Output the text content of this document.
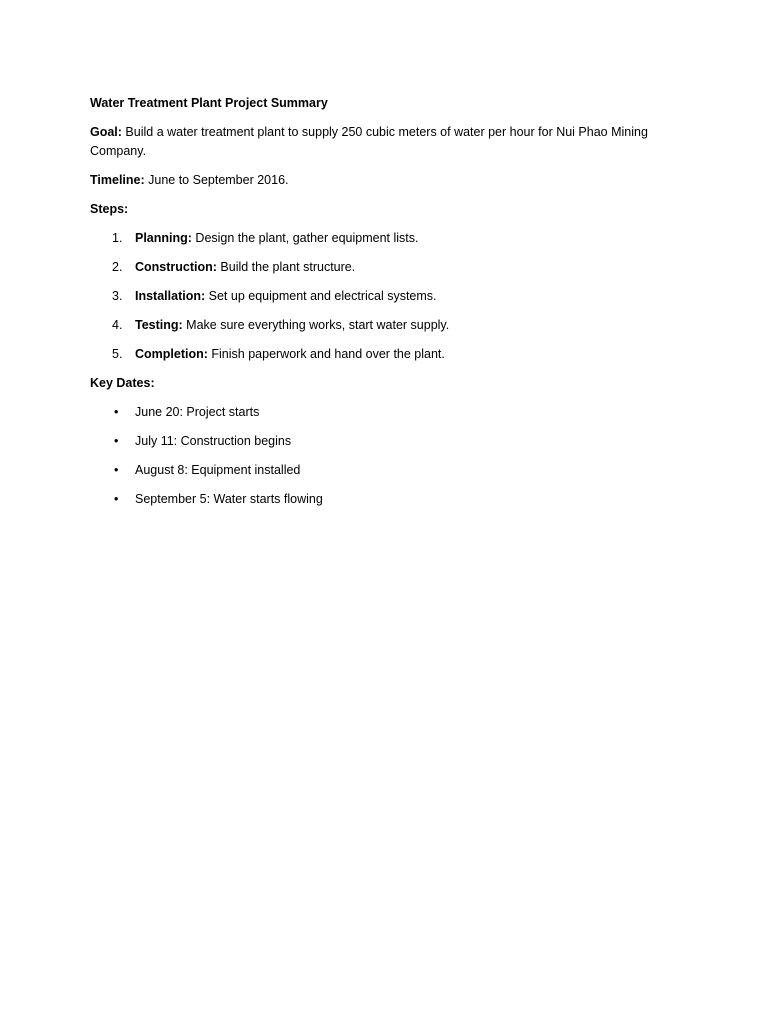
Water Treatment Plant Project Summary

Goal: Build a water treatment plant to supply 250 cubic meters of water per hour for Nui Phao Mining Company.

Timeline: June to September 2016.

Steps:

1. Planning: Design the plant, gather equipment lists.
2. Construction: Build the plant structure.
3. Installation: Set up equipment and electrical systems.
4. Testing: Make sure everything works, start water supply.
5. Completion: Finish paperwork and hand over the plant.

Key Dates:

• June 20: Project starts
• July 11: Construction begins
• August 8: Equipment installed
• September 5: Water starts flowing
